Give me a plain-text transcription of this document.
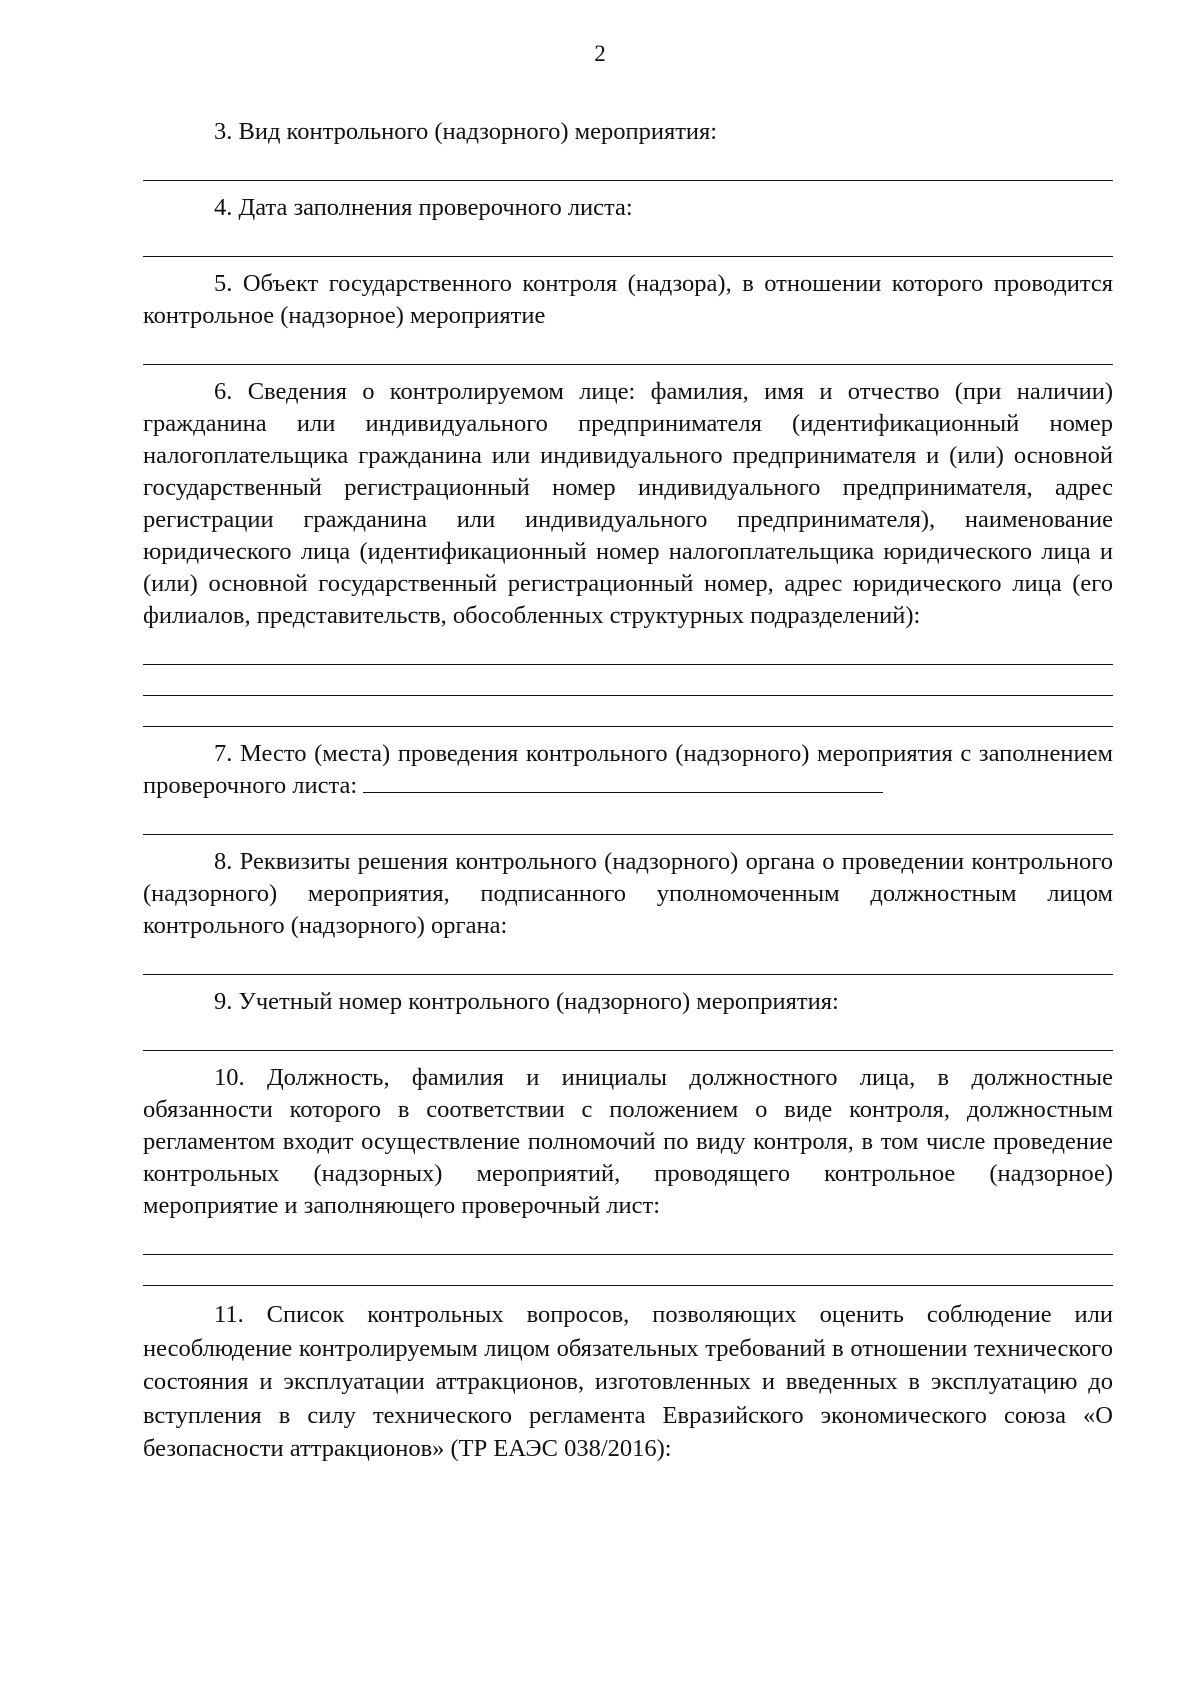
2

3. Вид контрольного (надзорного) мероприятия:

4. Дата заполнения проверочного листа:

5. Объект государственного контроля (надзора), в отношении которого проводится контрольное (надзорное) мероприятие

6. Сведения о контролируемом лице: фамилия, имя и отчество (при наличии) гражданина или индивидуального предпринимателя (идентификационный номер налогоплательщика гражданина или индивидуального предпринимателя и (или) основной государственный регистрационный номер индивидуального предпринимателя, адрес регистрации гражданина или индивидуального предпринимателя), наименование юридического лица (идентификационный номер налогоплательщика юридического лица и (или) основной государственный регистрационный номер, адрес юридического лица (его филиалов, представительств, обособленных структурных подразделений):

7. Место (места) проведения контрольного (надзорного) мероприятия с заполнением проверочного листа:

8. Реквизиты решения контрольного (надзорного) органа о проведении контрольного (надзорного) мероприятия, подписанного уполномоченным должностным лицом контрольного (надзорного) органа:

9. Учетный номер контрольного (надзорного) мероприятия:

10. Должность, фамилия и инициалы должностного лица, в должностные обязанности которого в соответствии с положением о виде контроля, должностным регламентом входит осуществление полномочий по виду контроля, в том числе проведение контрольных (надзорных) мероприятий, проводящего контрольное (надзорное) мероприятие и заполняющего проверочный лист:

11. Список контрольных вопросов, позволяющих оценить соблюдение или несоблюдение контролируемым лицом обязательных требований в отношении технического состояния и эксплуатации аттракционов, изготовленных и введенных в эксплуатацию до вступления в силу технического регламента Евразийского экономического союза «О безопасности аттракционов» (ТР ЕАЭС 038/2016):
